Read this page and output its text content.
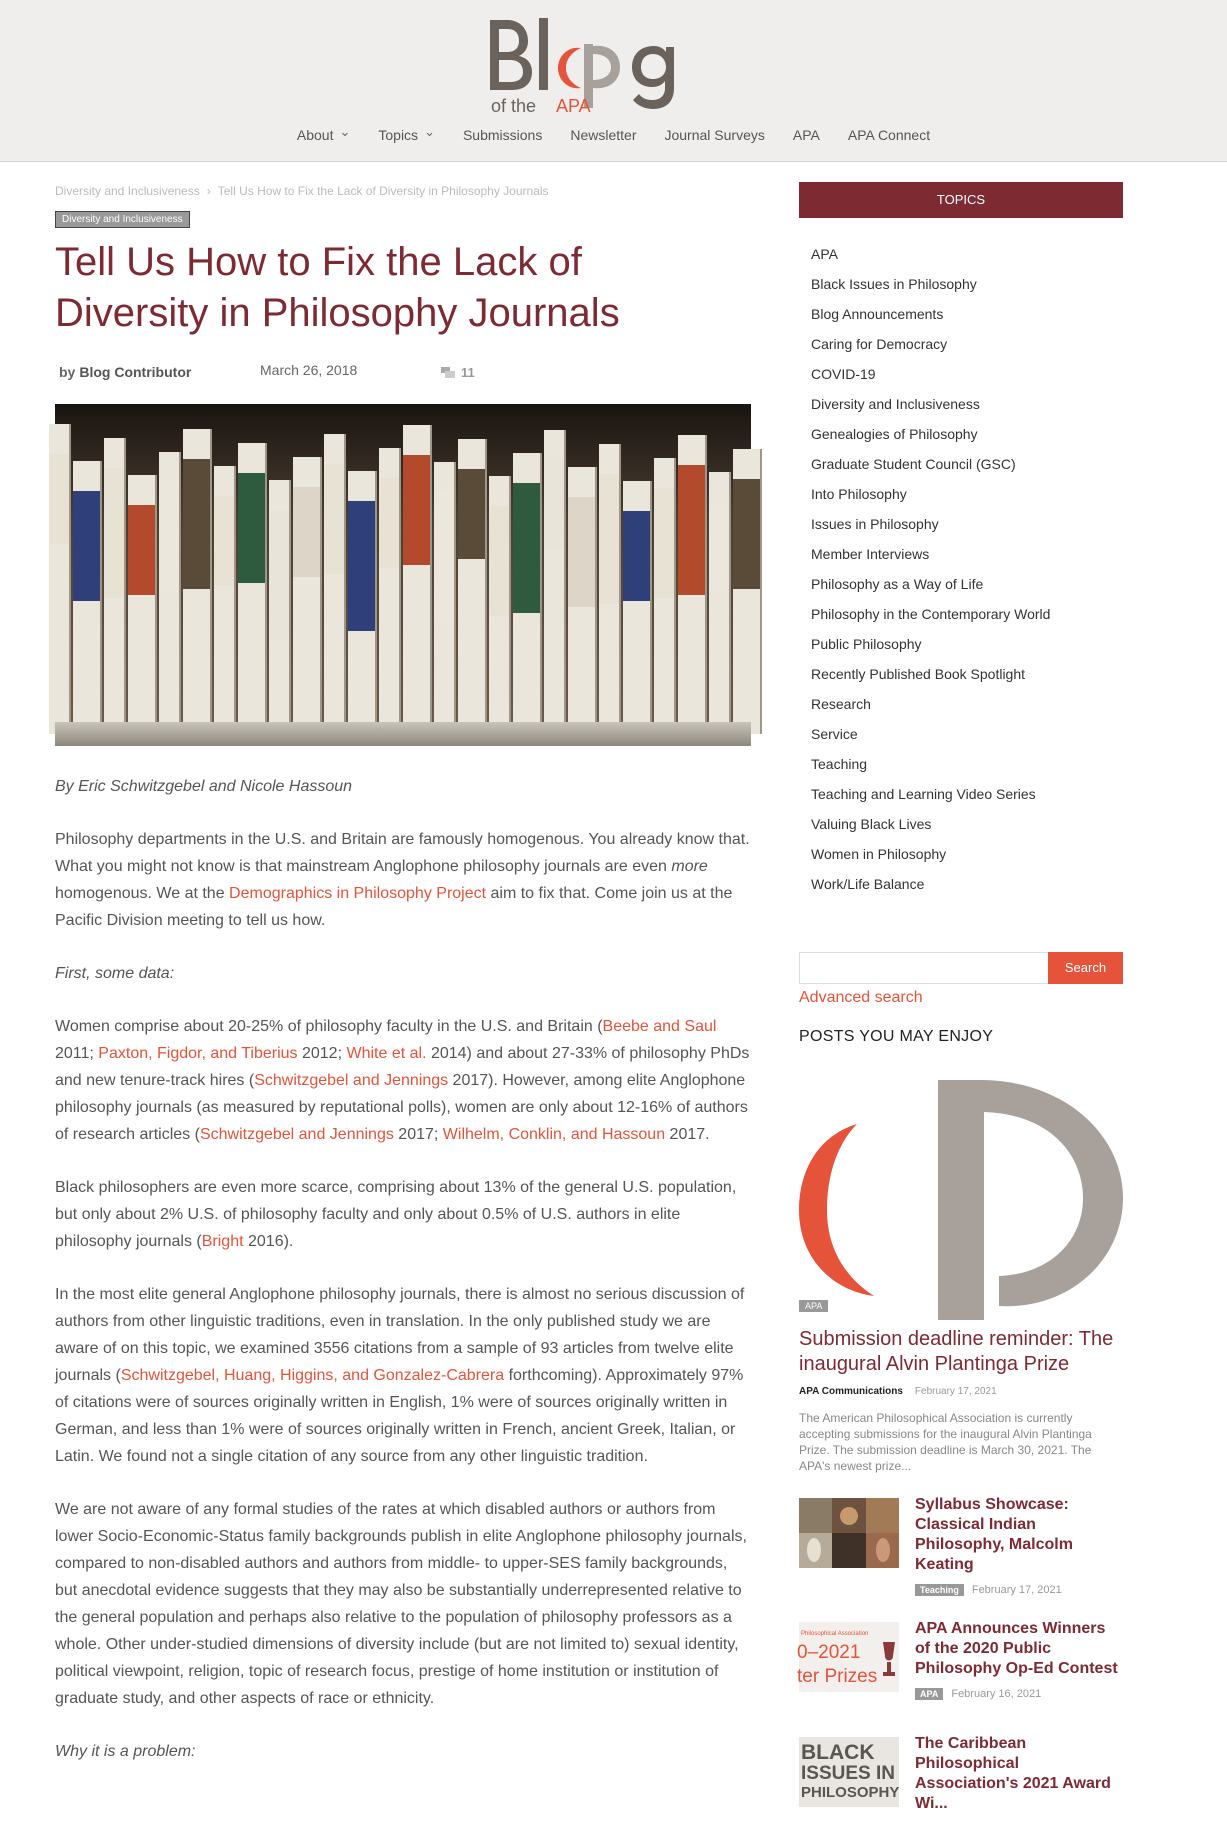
of the APA
About ⌄ Topics ⌄ Submissions Newsletter Journal Surveys APA APA Connect
Diversity and Inclusiveness › Tell Us How to Fix the Lack of Diversity in Philosophy Journals
Diversity and Inclusiveness
Tell Us How to Fix the Lack of Diversity in Philosophy Journals
by Blog Contributor	March 26, 2018	11

By Eric Schwitzgebel and Nicole Hassoun

Philosophy departments in the U.S. and Britain are famously homogenous. You already know that. What you might not know is that mainstream Anglophone philosophy journals are even more homogenous. We at the Demographics in Philosophy Project aim to fix that. Come join us at the Pacific Division meeting to tell us how.

First, some data:

Women comprise about 20-25% of philosophy faculty in the U.S. and Britain (Beebe and Saul 2011; Paxton, Figdor, and Tiberius 2012; White et al. 2014) and about 27-33% of philosophy PhDs and new tenure-track hires (Schwitzgebel and Jennings 2017). However, among elite Anglophone philosophy journals (as measured by reputational polls), women are only about 12-16% of authors of research articles (Schwitzgebel and Jennings 2017; Wilhelm, Conklin, and Hassoun 2017.

Black philosophers are even more scarce, comprising about 13% of the general U.S. population, but only about 2% U.S. of philosophy faculty and only about 0.5% of U.S. authors in elite philosophy journals (Bright 2016).

In the most elite general Anglophone philosophy journals, there is almost no serious discussion of authors from other linguistic traditions, even in translation. In the only published study we are aware of on this topic, we examined 3556 citations from a sample of 93 articles from twelve elite journals (Schwitzgebel, Huang, Higgins, and Gonzalez-Cabrera forthcoming). Approximately 97% of citations were of sources originally written in English, 1% were of sources originally written in German, and less than 1% were of sources originally written in French, ancient Greek, Italian, or Latin. We found not a single citation of any source from any other linguistic tradition.

We are not aware of any formal studies of the rates at which disabled authors or authors from lower Socio-Economic-Status family backgrounds publish in elite Anglophone philosophy journals, compared to non-disabled authors and authors from middle- to upper-SES family backgrounds, but anecdotal evidence suggests that they may also be substantially underrepresented relative to the general population and perhaps also relative to the population of philosophy professors as a whole. Other under-studied dimensions of diversity include (but are not limited to) sexual identity, political viewpoint, religion, topic of research focus, prestige of home institution or institution of graduate study, and other aspects of race or ethnicity.

Why it is a problem:

TOPICS
APA
Black Issues in Philosophy
Blog Announcements
Caring for Democracy
COVID-19
Diversity and Inclusiveness
Genealogies of Philosophy
Graduate Student Council (GSC)
Into Philosophy
Issues in Philosophy
Member Interviews
Philosophy as a Way of Life
Philosophy in the Contemporary World
Public Philosophy
Recently Published Book Spotlight
Research
Service
Teaching
Teaching and Learning Video Series
Valuing Black Lives
Women in Philosophy
Work/Life Balance
Search
Advanced search
POSTS YOU MAY ENJOY
APA
Submission deadline reminder: The inaugural Alvin Plantinga Prize
APA Communications February 17, 2021
The American Philosophical Association is currently accepting submissions for the inaugural Alvin Plantinga Prize. The submission deadline is March 30, 2021. The APA's newest prize...
Syllabus Showcase: Classical Indian Philosophy, Malcolm Keating
Teaching February 17, 2021
Philosophical Association
0–2021
ter Prizes
APA Announces Winners of the 2020 Public Philosophy Op-Ed Contest
APA February 16, 2021
BLACK
ISSUES IN
PHILOSOPHY
The Caribbean Philosophical Association's 2021 Award Wi...
